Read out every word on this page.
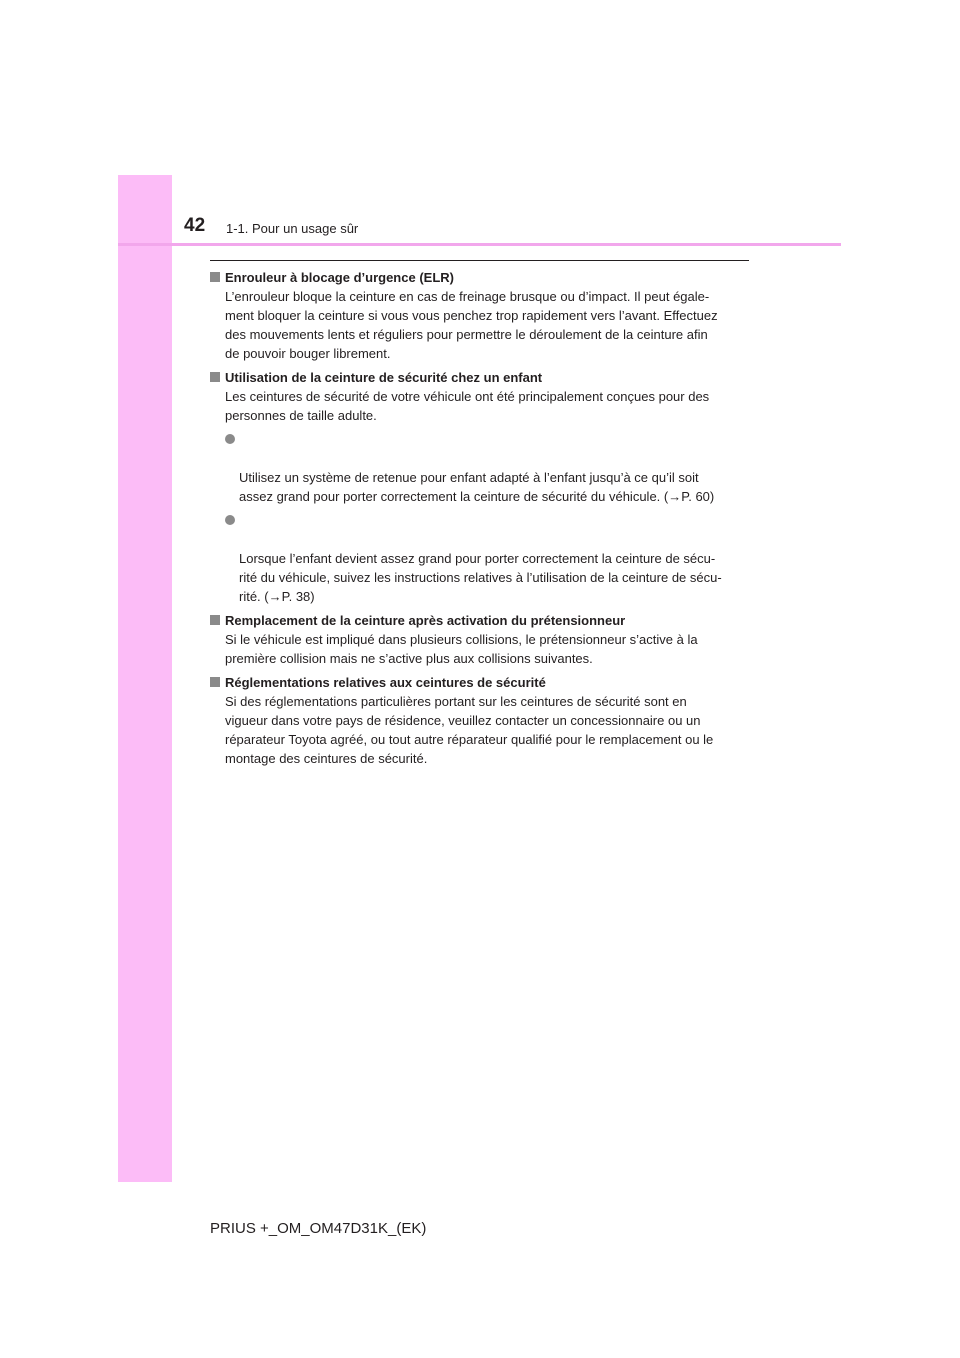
42 1-1. Pour un usage sûr
Enrouleur à blocage d’urgence (ELR)
L’enrouleur bloque la ceinture en cas de freinage brusque ou d’impact. Il peut égale-
ment bloquer la ceinture si vous vous penchez trop rapidement vers l’avant. Effectuez
des mouvements lents et réguliers pour permettre le déroulement de la ceinture afin
de pouvoir bouger librement.
Utilisation de la ceinture de sécurité chez un enfant
Les ceintures de sécurité de votre véhicule ont été principalement conçues pour des
personnes de taille adulte.

Utilisez un système de retenue pour enfant adapté à l’enfant jusqu’à ce qu’il soit
assez grand pour porter correctement la ceinture de sécurité du véhicule. (→P. 60)

Lorsque l’enfant devient assez grand pour porter correctement la ceinture de sécu-
rité du véhicule, suivez les instructions relatives à l’utilisation de la ceinture de sécu-
rité. (→P. 38)

Remplacement de la ceinture après activation du prétensionneur
Si le véhicule est impliqué dans plusieurs collisions, le prétensionneur s’active à la
première collision mais ne s’active plus aux collisions suivantes.
Réglementations relatives aux ceintures de sécurité
Si des réglementations particulières portant sur les ceintures de sécurité sont en
vigueur dans votre pays de résidence, veuillez contacter un concessionnaire ou un
réparateur Toyota agréé, ou tout autre réparateur qualifié pour le remplacement ou le
montage des ceintures de sécurité.
PRIUS +_OM_OM47D31K_(EK)
